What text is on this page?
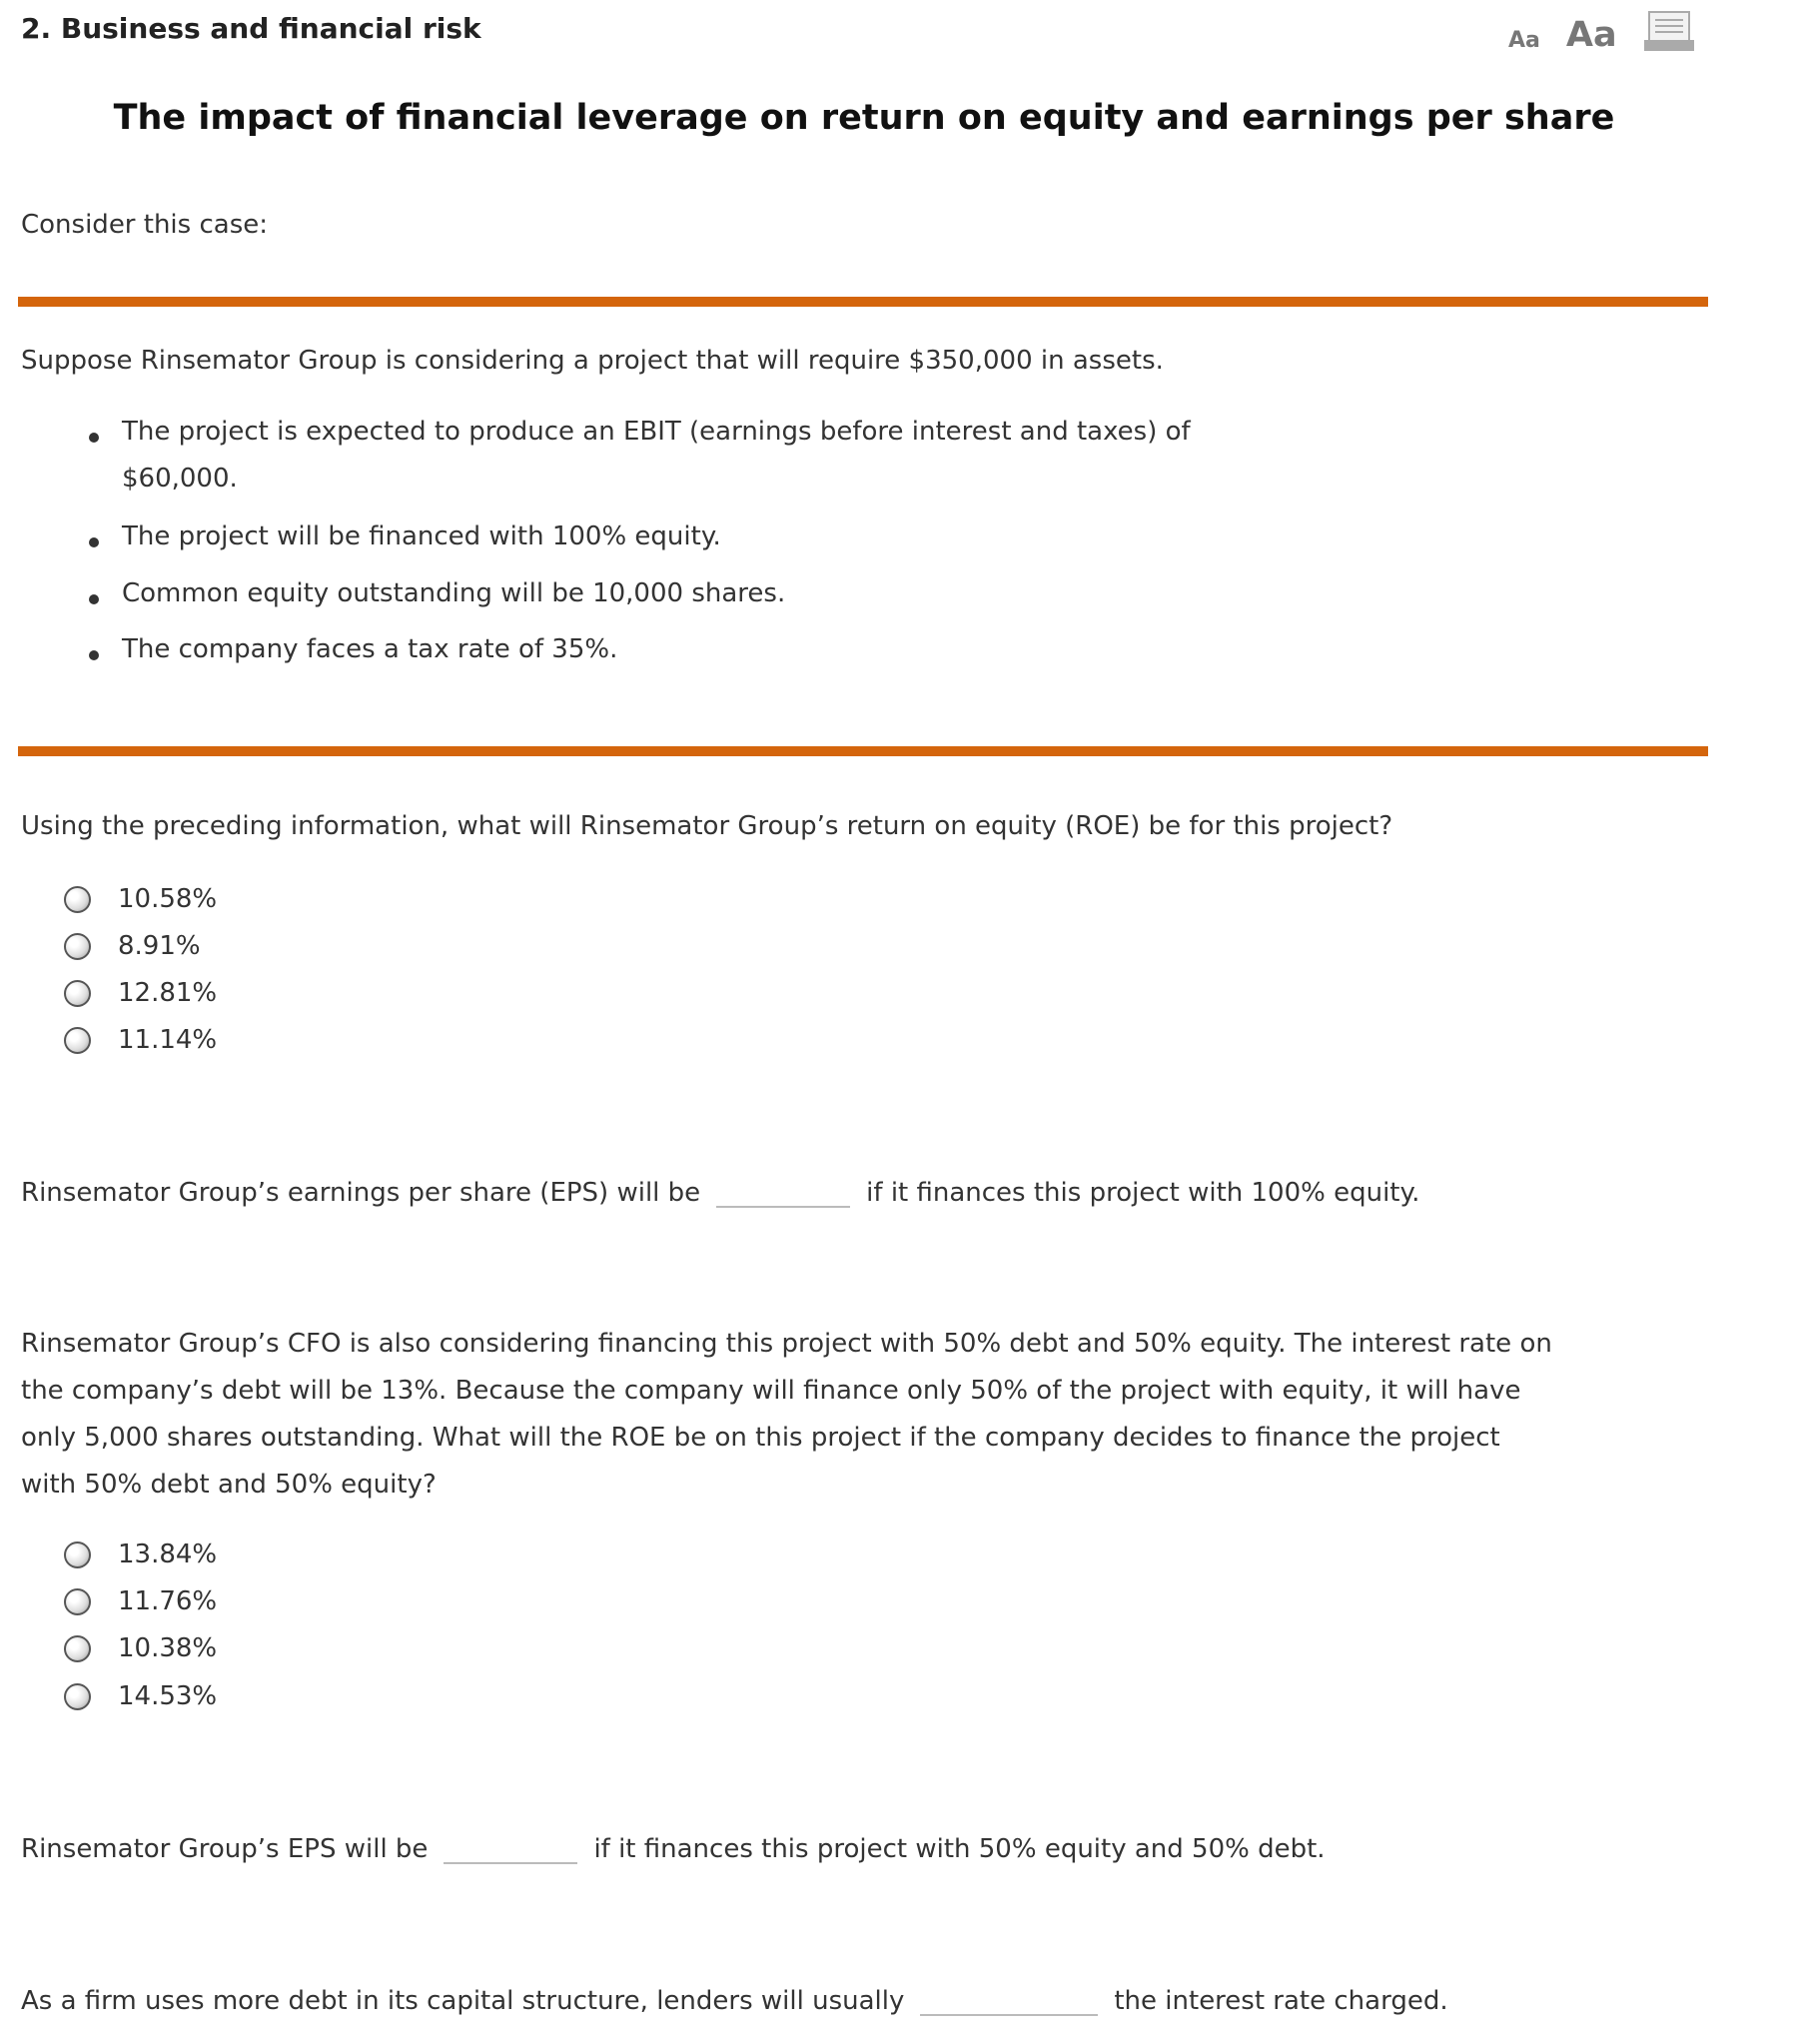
2. Business and financial risk	Aa Aa
The impact of financial leverage on return on equity and earnings per share
Consider this case:
Suppose Rinsemator Group is considering a project that will require $350,000 in assets.
The project is expected to produce an EBIT (earnings before interest and taxes) of
$60,000.
The project will be financed with 100% equity.
Common equity outstanding will be 10,000 shares.
The company faces a tax rate of 35%.
Using the preceding information, what will Rinsemator Group’s return on equity (ROE) be for this project?
10.58%
8.91%
12.81%
11.14%
Rinsemator Group’s earnings per share (EPS) will be	if it finances this project with 100% equity.
Rinsemator Group’s CFO is also considering financing this project with 50% debt and 50% equity. The interest rate on
the company’s debt will be 13%. Because the company will finance only 50% of the project with equity, it will have
only 5,000 shares outstanding. What will the ROE be on this project if the company decides to finance the project
with 50% debt and 50% equity?
13.84%
11.76%
10.38%
14.53%
Rinsemator Group’s EPS will be	if it finances this project with 50% equity and 50% debt.
As a firm uses more debt in its capital structure, lenders will usually	the interest rate charged.
